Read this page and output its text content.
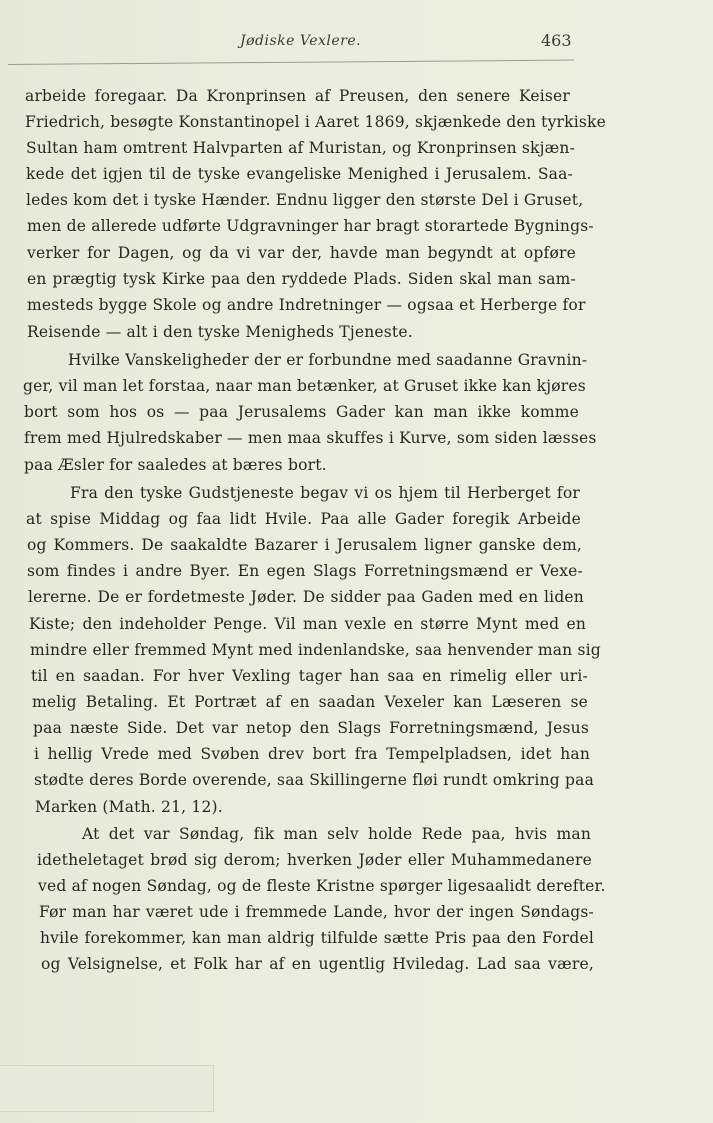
Jødiske Vexlere.	463
arbeide foregaar. Da Kronprinsen af Preusen, den senere Keiser
Friedrich, besøgte Konstantinopel i Aaret 1869, skjænkede den tyrkiske
Sultan ham omtrent Halvparten af Muristan, og Kronprinsen skjæn-
kede det igjen til de tyske evangeliske Menighed i Jerusalem. Saa-
ledes kom det i tyske Hænder. Endnu ligger den største Del i Gruset,
men de allerede udførte Udgravninger har bragt storartede Bygnings-
verker for Dagen, og da vi var der, havde man begyndt at opføre
en prægtig tysk Kirke paa den ryddede Plads. Siden skal man sam-
mesteds bygge Skole og andre Indretninger — ogsaa et Herberge for
Reisende — alt i den tyske Menigheds Tjeneste.
Hvilke Vanskeligheder der er forbundne med saadanne Gravnin-
ger, vil man let forstaa, naar man betænker, at Gruset ikke kan kjøres
bort som hos os — paa Jerusalems Gader kan man ikke komme
frem med Hjulredskaber — men maa skuffes i Kurve, som siden læsses
paa Æsler for saaledes at bæres bort.
Fra den tyske Gudstjeneste begav vi os hjem til Herberget for
at spise Middag og faa lidt Hvile. Paa alle Gader foregik Arbeide
og Kommers. De saakaldte Bazarer i Jerusalem ligner ganske dem,
som findes i andre Byer. En egen Slags Forretningsmænd er Vexe-
lererne. De er fordetmeste Jøder. De sidder paa Gaden med en liden
Kiste; den indeholder Penge. Vil man vexle en større Mynt med en
mindre eller fremmed Mynt med indenlandske, saa henvender man sig
til en saadan. For hver Vexling tager han saa en rimelig eller uri-
melig Betaling. Et Portræt af en saadan Vexeler kan Læseren se
paa næste Side. Det var netop den Slags Forretningsmænd, Jesus
i hellig Vrede med Svøben drev bort fra Tempelpladsen, idet han
stødte deres Borde overende, saa Skillingerne fløi rundt omkring paa
Marken (Math. 21, 12).
At det var Søndag, fik man selv holde Rede paa, hvis man
idetheletaget brød sig derom; hverken Jøder eller Muhammedanere
ved af nogen Søndag, og de fleste Kristne spørger ligesaalidt derefter.
Før man har været ude i fremmede Lande, hvor der ingen Søndags-
hvile forekommer, kan man aldrig tilfulde sætte Pris paa den Fordel
og Velsignelse, et Folk har af en ugentlig Hviledag. Lad saa være,
